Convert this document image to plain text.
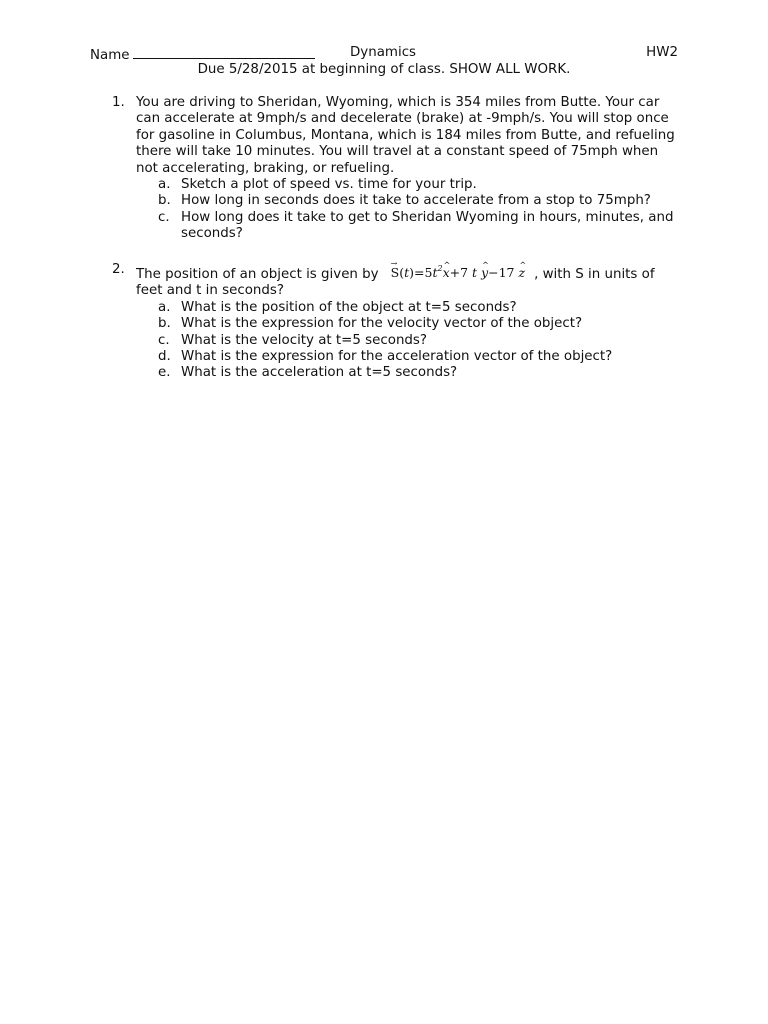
Name	Dynamics	HW2
Due 5/28/2015 at beginning of class. SHOW ALL WORK.
1. You are driving to Sheridan, Wyoming, which is 354 miles from Butte. Your car can accelerate at 9mph/s and decelerate (brake) at -9mph/s. You will stop once for gasoline in Columbus, Montana, which is 184 miles from Butte, and refueling there will take 10 minutes. You will travel at a constant speed of 75mph when not accelerating, braking, or refueling.
a. Sketch a plot of speed vs. time for your trip.
b. How long in seconds does it take to accelerate from a stop to 75mph?
c. How long does it take to get to Sheridan Wyoming in hours, minutes, and seconds?
2. The position of an object is given $by\to S(t)=5t^2\^{}$ x+7 t ^ y−17 ^ z , with S in units of feet and t in seconds?
a. What is the position of the object at t=5 seconds?
b. What is the expression for the velocity vector of the object?
c. What is the velocity at t=5 seconds?
d. What is the expression for the acceleration vector of the object?
e. What is the acceleration at t=5 seconds?
